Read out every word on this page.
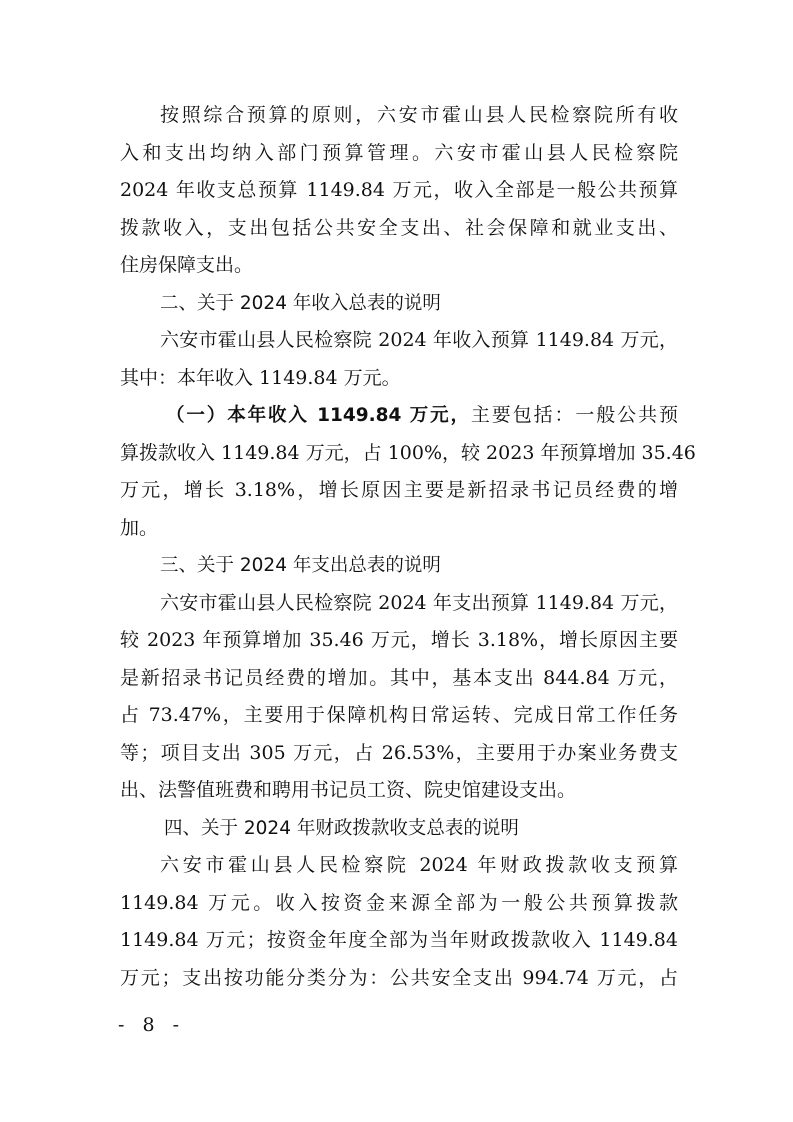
按照综合预算的原则，六安市霍山县人民检察院所有收
入和支出均纳入部门预算管理。六安市霍山县人民检察院
2024 年收支总预算 1149.84 万元，收入全部是一般公共预算
拨款收入，支出包括公共安全支出、社会保障和就业支出、
住房保障支出。
二、关于 2024 年收入总表的说明
六安市霍山县人民检察院 2024 年收入预算 1149.84 万元，
其中：本年收入 1149.84 万元。
（一）本年收入 1149.84 万元，主要包括：一般公共预
算拨款收入 1149.84 万元，占 100%，较 2023 年预算增加 35.46
万元，增长 3.18%，增长原因主要是新招录书记员经费的增
加。
三、关于 2024 年支出总表的说明
六安市霍山县人民检察院 2024 年支出预算 1149.84 万元，
较 2023 年预算增加 35.46 万元，增长 3.18%，增长原因主要
是新招录书记员经费的增加。其中，基本支出 844.84 万元，
占 73.47%，主要用于保障机构日常运转、完成日常工作任务
等；项目支出 305 万元，占 26.53%，主要用于办案业务费支
出、法警值班费和聘用书记员工资、院史馆建设支出。
四、关于 2024 年财政拨款收支总表的说明
六安市霍山县人民检察院 2024 年财政拨款收支预算
1149.84 万元。收入按资金来源全部为一般公共预算拨款
1149.84 万元；按资金年度全部为当年财政拨款收入 1149.84
万元；支出按功能分类分为：公共安全支出 994.74 万元，占
- 8 -
